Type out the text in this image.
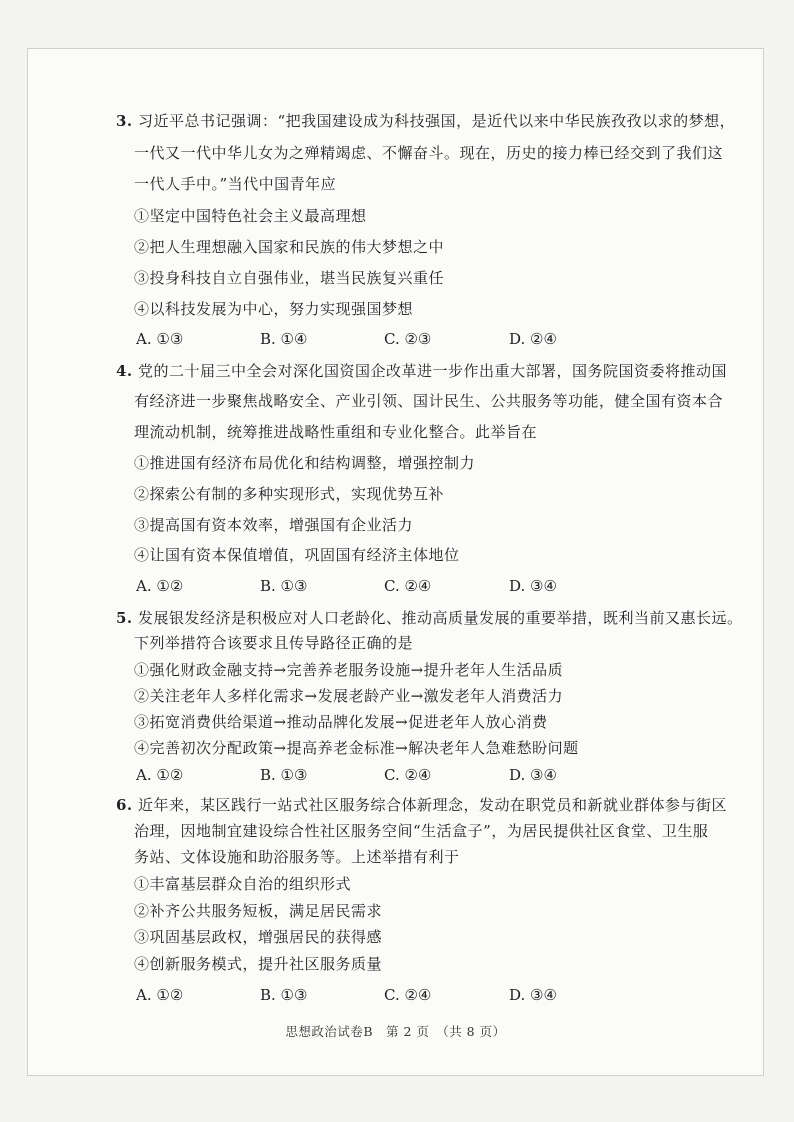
3. 习近平总书记强调：“把我国建设成为科技强国，是近代以来中华民族孜孜以求的梦想，
一代又一代中华儿女为之殚精竭虑、不懈奋斗。现在，历史的接力棒已经交到了我们这
一代人手中。”当代中国青年应
①坚定中国特色社会主义最高理想
②把人生理想融入国家和民族的伟大梦想之中
③投身科技自立自强伟业，堪当民族复兴重任
④以科技发展为中心，努力实现强国梦想
A. ①③	B. ①④	C. ②③	D. ②④
4. 党的二十届三中全会对深化国资国企改革进一步作出重大部署，国务院国资委将推动国
有经济进一步聚焦战略安全、产业引领、国计民生、公共服务等功能，健全国有资本合
理流动机制，统筹推进战略性重组和专业化整合。此举旨在
①推进国有经济布局优化和结构调整，增强控制力
②探索公有制的多种实现形式，实现优势互补
③提高国有资本效率，增强国有企业活力
④让国有资本保值增值，巩固国有经济主体地位
A. ①②	B. ①③	C. ②④	D. ③④
5. 发展银发经济是积极应对人口老龄化、推动高质量发展的重要举措，既利当前又惠长远。
下列举措符合该要求且传导路径正确的是
①强化财政金融支持→完善养老服务设施→提升老年人生活品质
②关注老年人多样化需求→发展老龄产业→激发老年人消费活力
③拓宽消费供给渠道→推动品牌化发展→促进老年人放心消费
④完善初次分配政策→提高养老金标准→解决老年人急难愁盼问题
A. ①②	B. ①③	C. ②④	D. ③④
6. 近年来，某区践行一站式社区服务综合体新理念，发动在职党员和新就业群体参与街区
治理，因地制宜建设综合性社区服务空间“生活盒子”，为居民提供社区食堂、卫生服
务站、文体设施和助浴服务等。上述举措有利于
①丰富基层群众自治的组织形式
②补齐公共服务短板，满足居民需求
③巩固基层政权，增强居民的获得感
④创新服务模式，提升社区服务质量
A. ①②	B. ①③	C. ②④	D. ③④
思想政治试卷B　第 2 页　（共 8 页）
